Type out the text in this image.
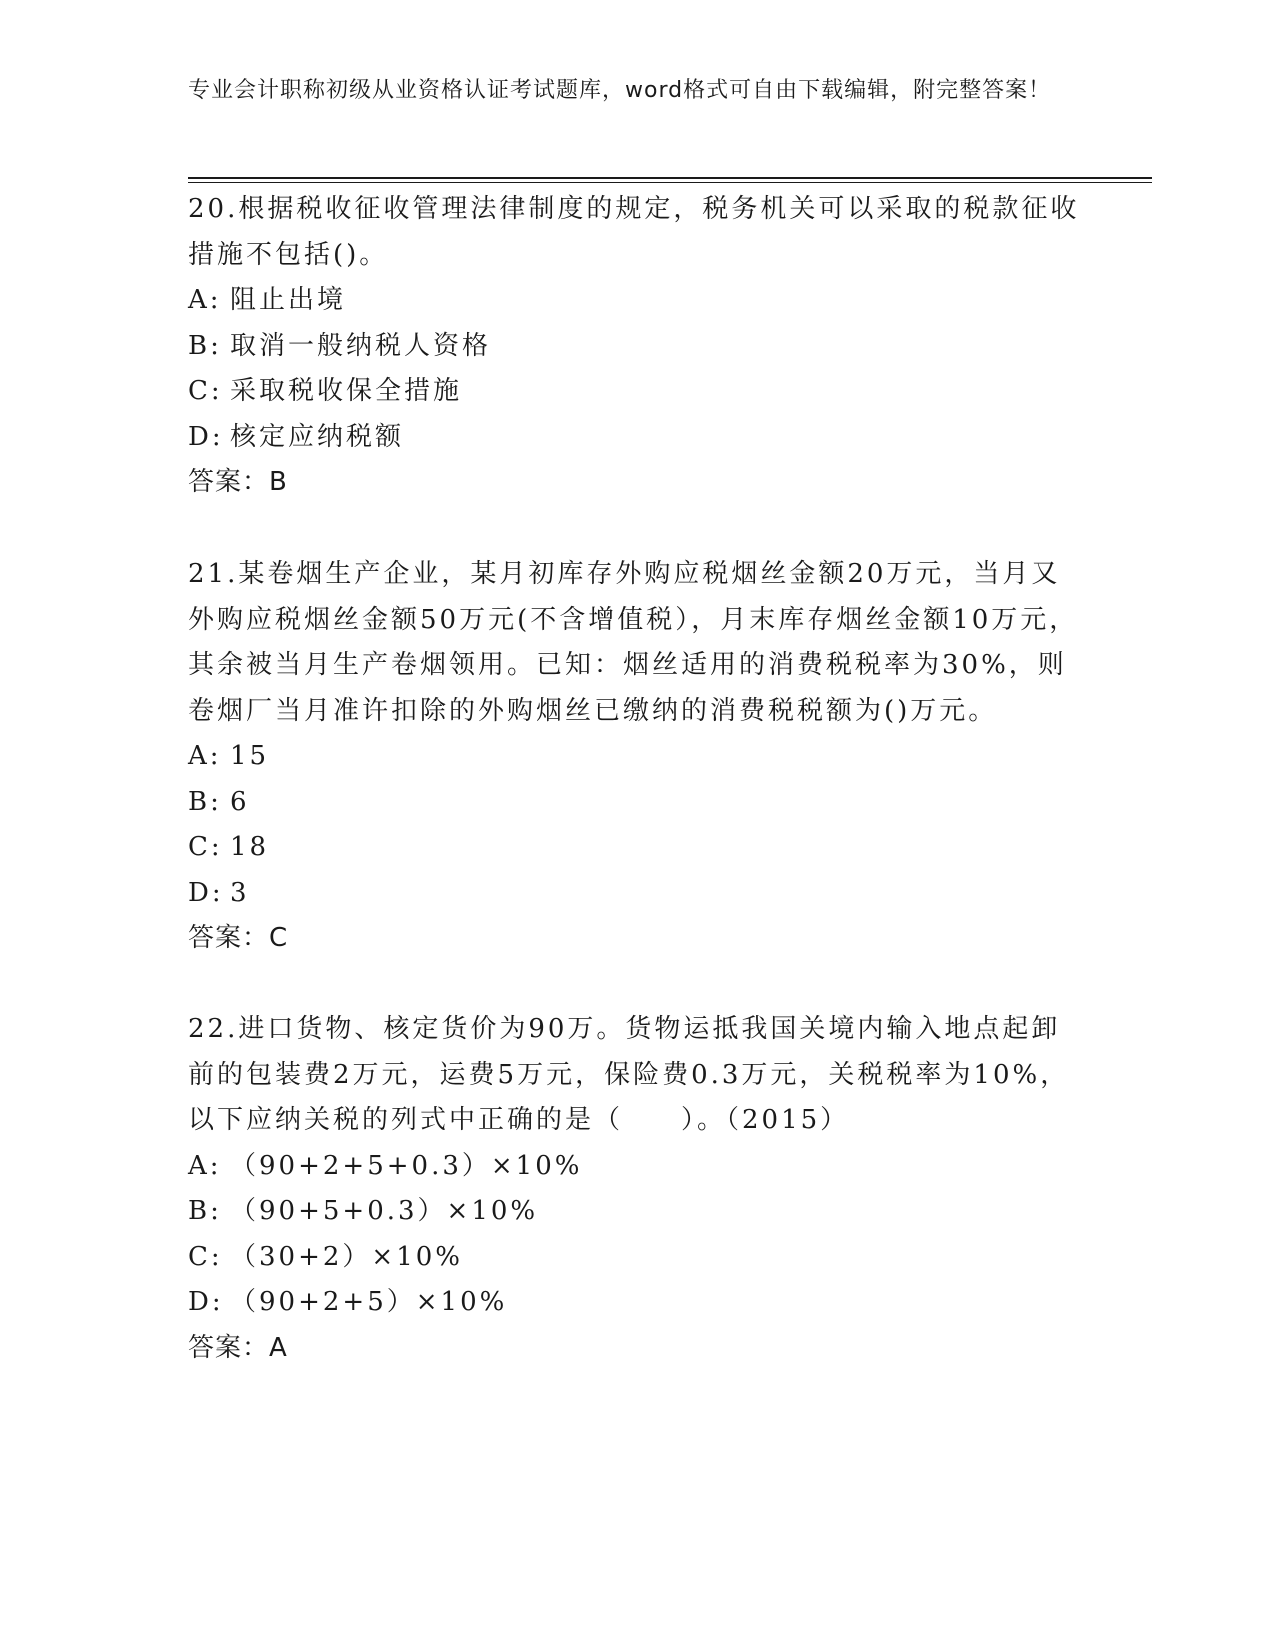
专业会计职称初级从业资格认证考试题库，word格式可自由下载编辑，附完整答案！

20.根据税收征收管理法律制度的规定，税务机关可以采取的税款征收措施不包括()。

A: 阻止出境

B: 取消一般纳税人资格

C: 采取税收保全措施

D: 核定应纳税额

答案：B

21.某卷烟生产企业，某月初库存外购应税烟丝金额20万元，当月又外购应税烟丝金额50万元(不含增值税），月末库存烟丝金额10万元，其余被当月生产卷烟领用。已知：烟丝适用的消费税税率为30%，则卷烟厂当月准许扣除的外购烟丝已缴纳的消费税税额为()万元。

A: 15

B: 6

C: 18

D: 3

答案：C

22.进口货物、核定货价为90万。货物运抵我国关境内输入地点起卸前的包装费2万元，运费5万元，保险费0.3万元，关税税率为10%，以下应纳关税的列式中正确的是（　　）。（2015）

A: （90+2+5+0.3）×10%

B: （90+5+0.3）×10%

C: （30+2）×10%

D: （90+2+5）×10%

答案：A
